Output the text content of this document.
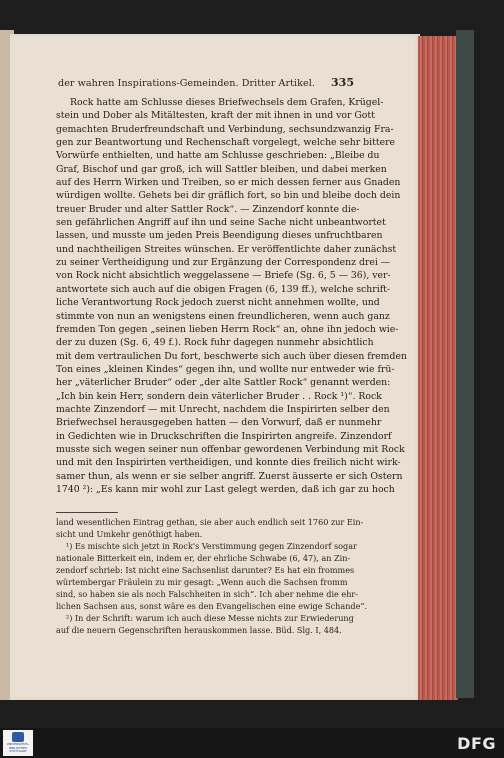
der wahren Inspirations-Gemeinden. Dritter Artikel. 335
Rock hatte am Schlusse dieses Briefwechsels dem Grafen, Krügel-
stein und Dober als Mitältesten, kraft der mit ihnen in und vor Gott
gemachten Bruderfreundschaft und Verbindung, sechsundzwanzig Fra-
gen zur Beantwortung und Rechenschaft vorgelegt, welche sehr bittere
Vorwürfe enthielten, und hatte am Schlusse geschrieben: „Bleibe du
Graf, Bischof und gar groß, ich will Sattler bleiben, und dabei merken
auf des Herrn Wirken und Treiben, so er mich dessen ferner aus Gnaden
würdigen wollte. Gehets bei dir gräflich fort, so bin und bleibe doch dein
treuer Bruder und alter Sattler Rock“. — Zinzendorf konnte die-
sen gefährlichen Angriff auf ihn und seine Sache nicht unbeantwortet
lassen, und musste um jeden Preis Beendigung dieses unfruchtbaren
und nachtheiligen Streites wünschen. Er veröffentlichte daher zunächst
zu seiner Vertheidigung und zur Ergänzung der Correspondenz drei —
von Rock nicht absichtlich weggelassene — Briefe (Sg. 6, 5 — 36), ver-
antwortete sich auch auf die obigen Fragen (6, 139 ff.), welche schrift-
liche Verantwortung Rock jedoch zuerst nicht annehmen wollte, und
stimmte von nun an wenigstens einen freundlicheren, wenn auch ganz
fremden Ton gegen „seinen lieben Herrn Rock“ an, ohne ihn jedoch wie-
der zu duzen (Sg. 6, 49 f.). Rock fuhr dagegen nunmehr absichtlich
mit dem vertraulichen Du fort, beschwerte sich auch über diesen fremden
Ton eines „kleinen Kindes“ gegen ihn, und wollte nur entweder wie frü-
her „väterlicher Bruder“ oder „der alte Sattler Rock“ genannt werden:
„Ich bin kein Herr, sondern dein väterlicher Bruder . . Rock ¹)“. Rock
machte Zinzendorf — mit Unrecht, nachdem die Inspirirten selber den
Briefwechsel herausgegeben hatten — den Vorwurf, daß er nunmehr
in Gedichten wie in Druckschriften die Inspirirten angreife. Zinzendorf
musste sich wegen seiner nun offenbar gewordenen Verbindung mit Rock
und mit den Inspirirten vertheidigen, und konnte dies freilich nicht wirk-
samer thun, als wenn er sie selber angriff. Zuerst äusserte er sich Ostern
1740 ²): „Es kann mir wohl zur Last gelegt werden, daß ich gar zu hoch
land wesentlichen Eintrag gethan, sie aber auch endlich seit 1760 zur Ein-
sicht und Umkehr genöthigt haben.
¹) Es mischte sich jetzt in Rock's Verstimmung gegen Zinzendorf sogar
nationale Bitterkeit ein, indem er, der ehrliche Schwabe (6, 47), an Zin-
zendorf schrieb: Ist nicht eine Sachsenlist darunter? Es hat ein frommes
würtembergar Fräulein zu mir gesagt: „Wenn auch die Sachsen fromm
sind, so haben sie als noch Falschheiten in sich“. Ich aber nehme die ehr-
lichen Sachsen aus, sonst wäre es den Evangelischen eine ewige Schande“.
²) In der Schrift: warum ich auch diese Messe nichts zur Erwiederung
auf die neuern Gegenschriften herauskommen lasse. Büd. Slg. I, 484.
UNIVERSITÄTS-BIBLIOTHEK STUTTGART	DFG
